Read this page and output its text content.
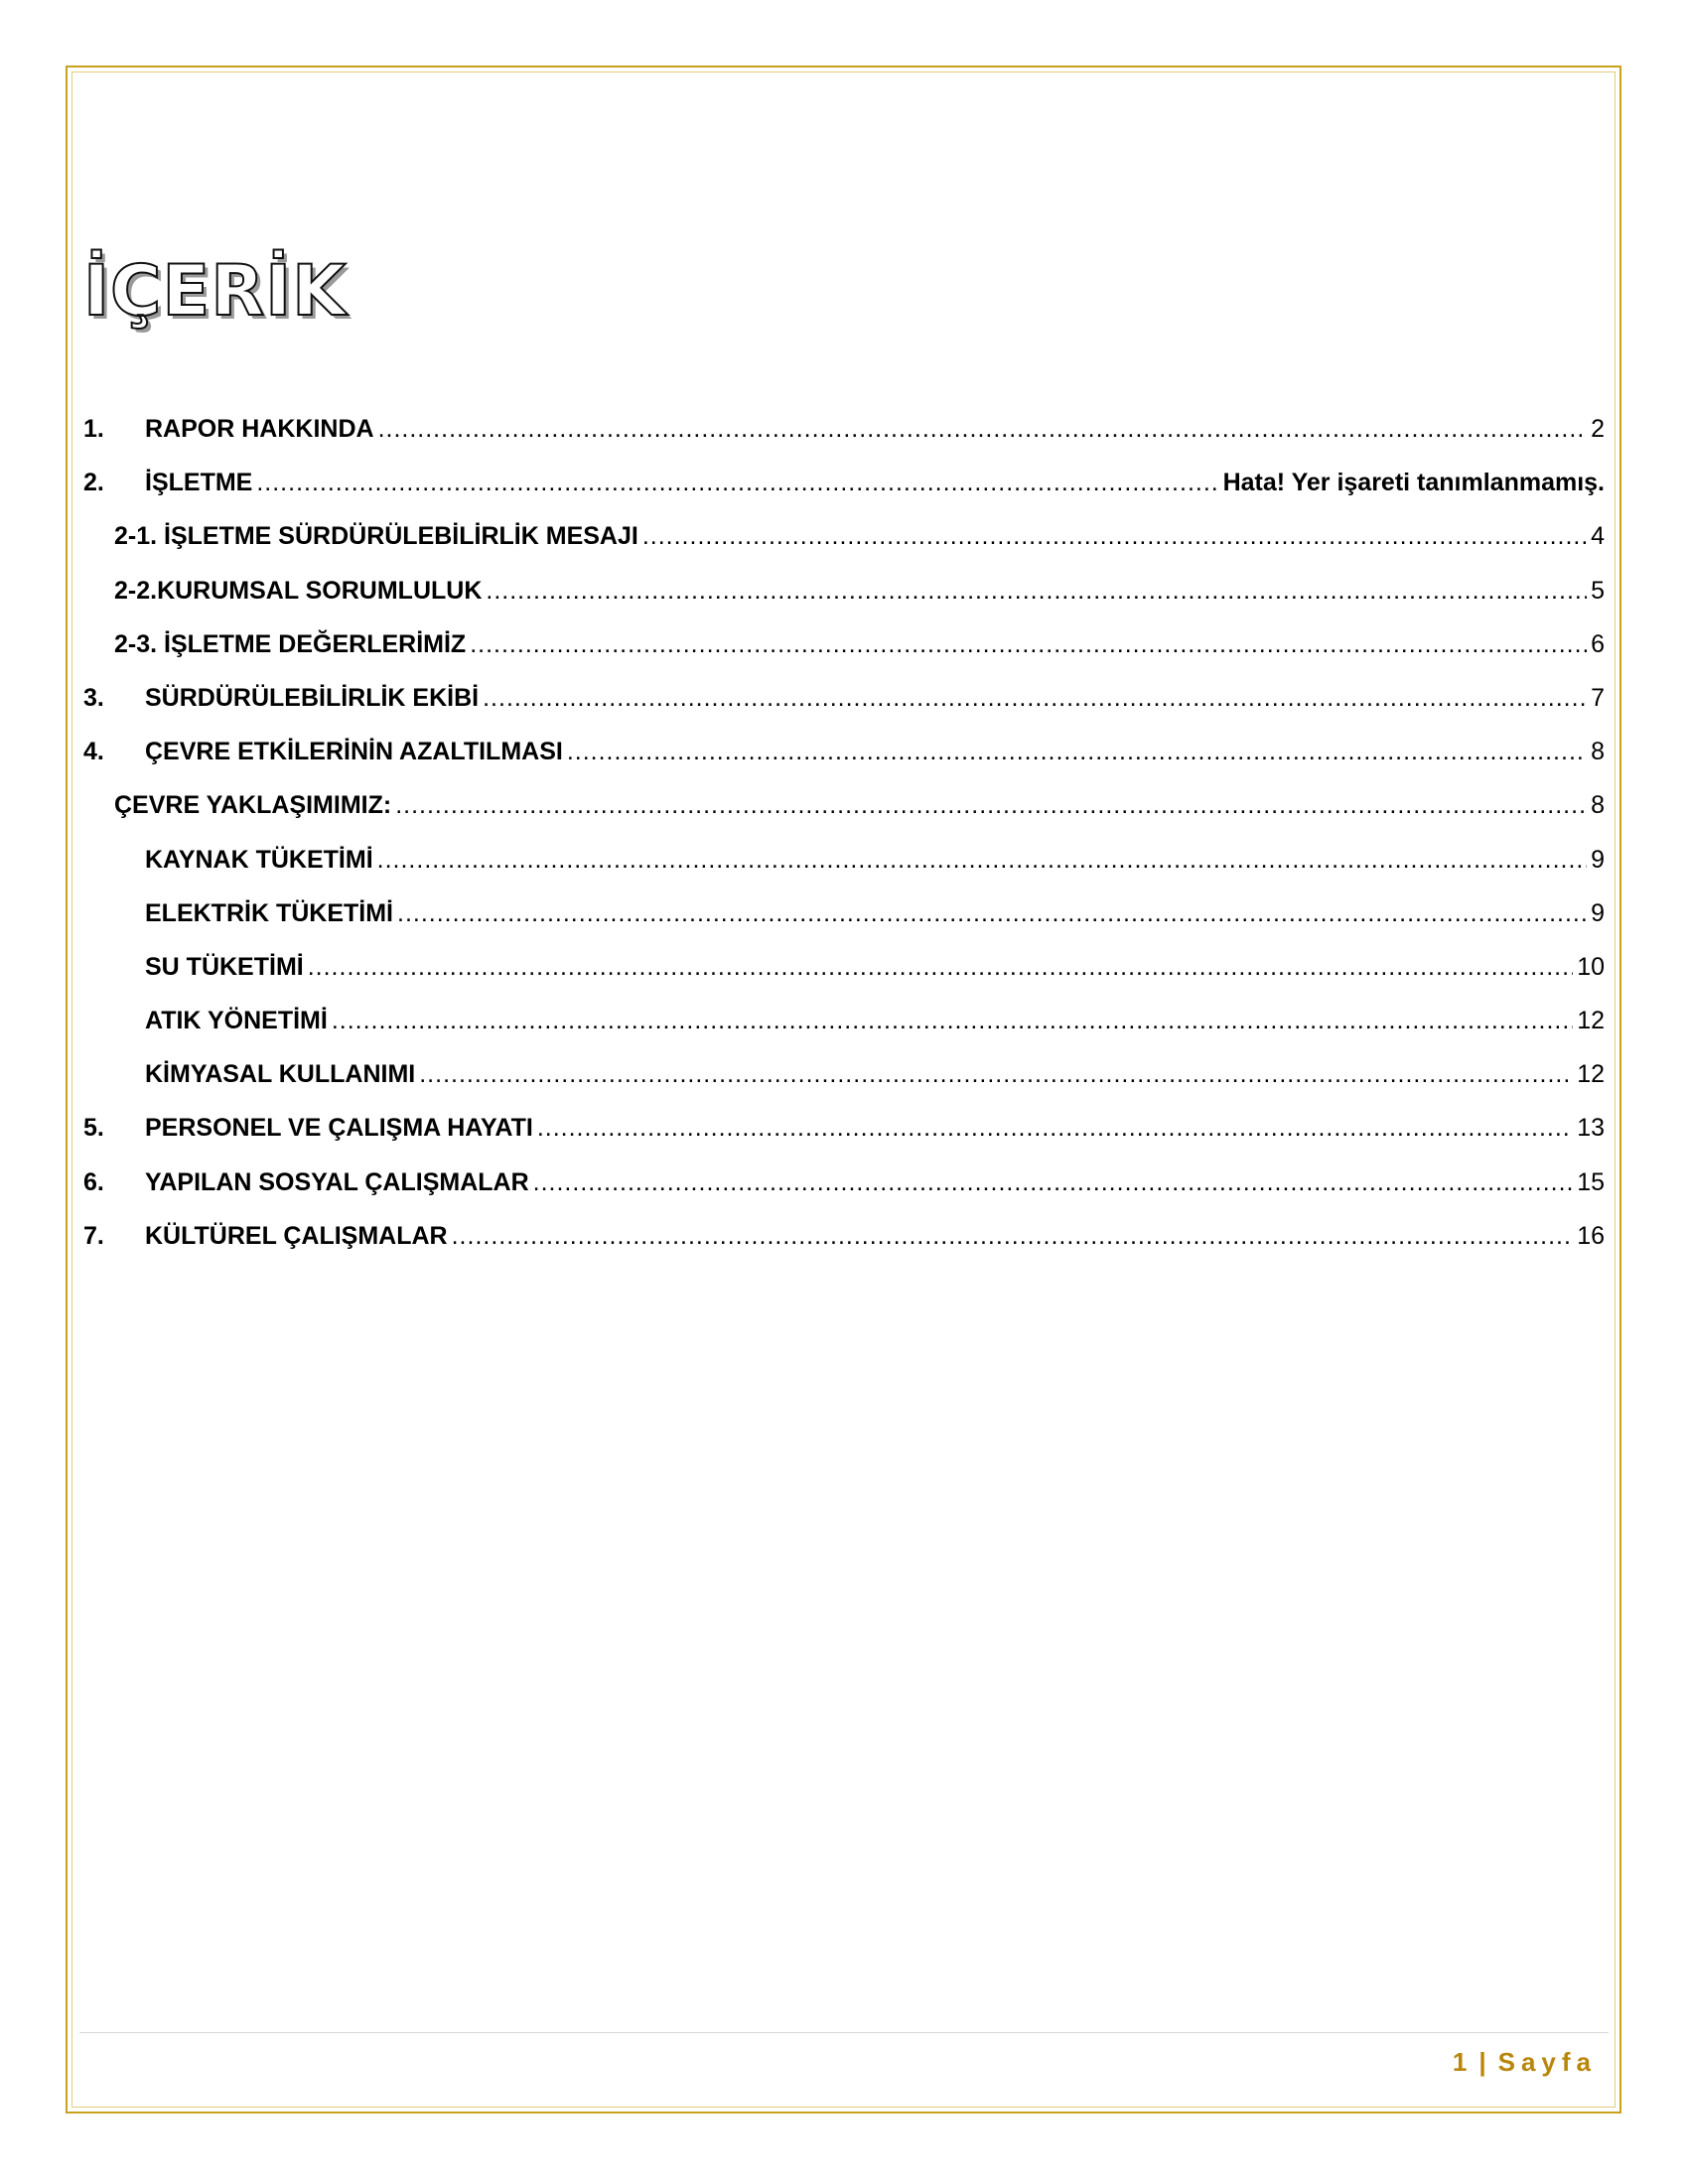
İÇERİK
1.	RAPOR HAKKINDA .....	2
2.	İŞLETME .....	Hata! Yer işareti tanımlanmamış.
2-1. İŞLETME SÜRDÜRÜLEBİLİRLİK MESAJI .....	4
2-2.KURUMSAL SORUMLULUK .....	5
2-3. İŞLETME DEĞERLERİMİZ .....	6
3.	SÜRDÜRÜLEBİLİRLİK EKİBİ .....	7
4.	ÇEVRE ETKİLERİNİN AZALTILMASI .....	8
ÇEVRE YAKLAŞIMIMIZ: .....	8
KAYNAK TÜKETİMİ .....	9
ELEKTRİK TÜKETİMİ .....	9
SU TÜKETİMİ .....	10
ATIK YÖNETİMİ .....	12
KİMYASAL KULLANIMI .....	12
5.	PERSONEL VE ÇALIŞMA HAYATI .....	13
6.	YAPILAN SOSYAL ÇALIŞMALAR .....	15
7.	KÜLTÜREL ÇALIŞMALAR .....	16
1 | Sayfa
